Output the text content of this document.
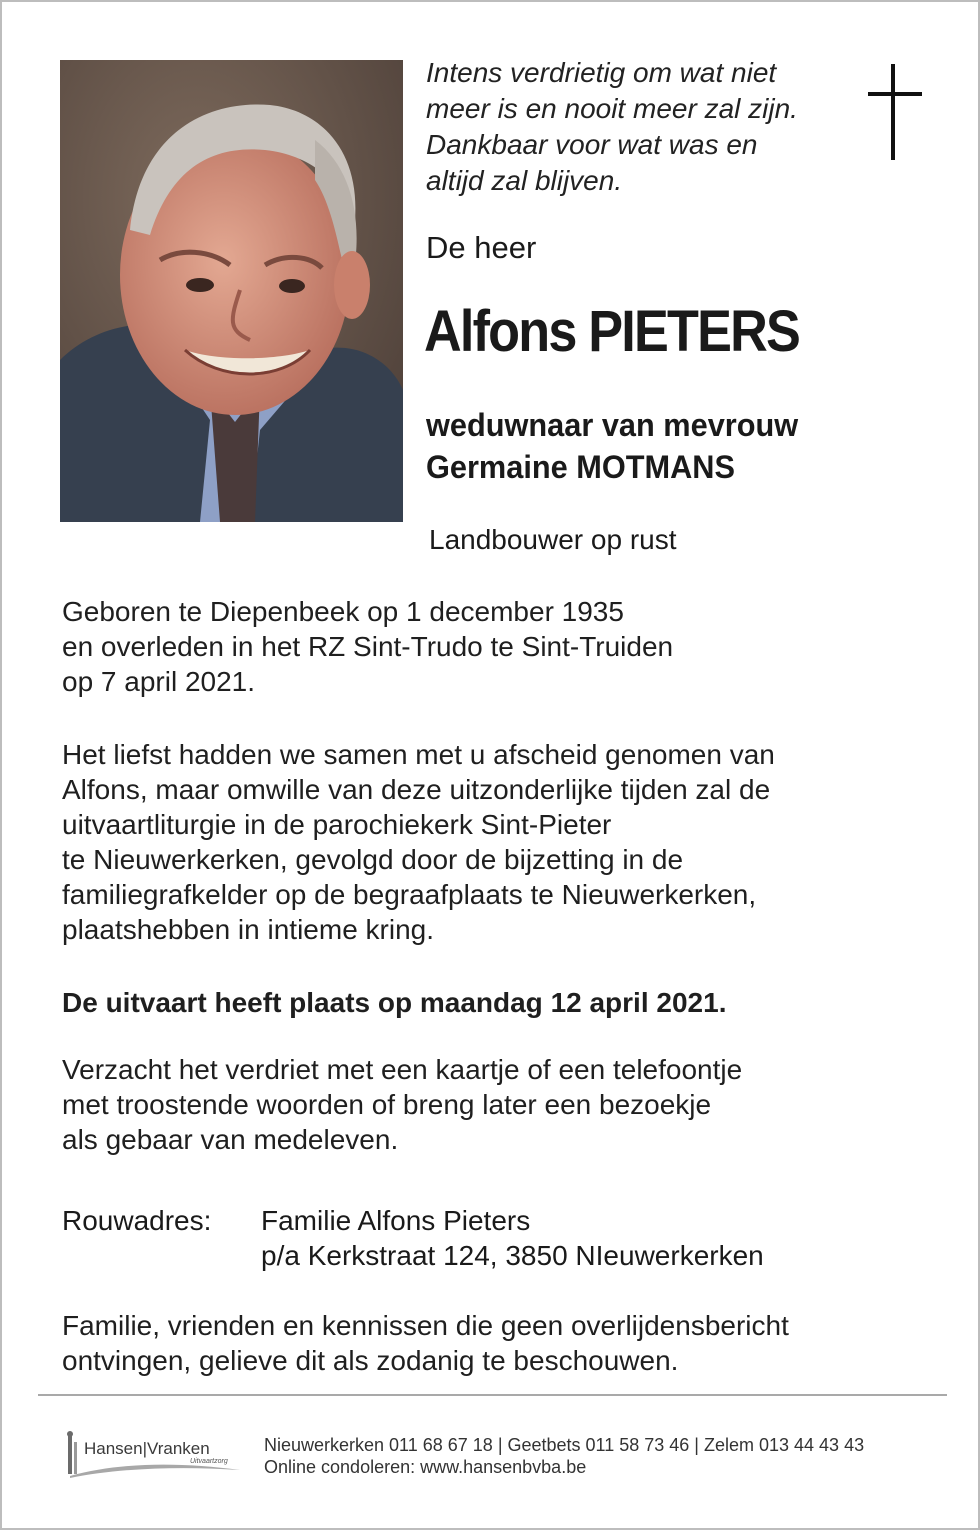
Intens verdrietig om wat niet
meer is en nooit meer zal zijn.
Dankbaar voor wat was en
altijd zal blijven.
De heer
Alfons PIETERS
weduwnaar van mevrouw
Germaine MOTMANS
Landbouwer op rust
Geboren te Diepenbeek op 1 december 1935
en overleden in het RZ Sint-Trudo te Sint-Truiden
op 7 april 2021.
Het liefst hadden we samen met u afscheid genomen van
Alfons, maar omwille van deze uitzonderlijke tijden zal de
uitvaartliturgie in de parochiekerk Sint-Pieter
te Nieuwerkerken, gevolgd door de bijzetting in de
familiegrafkelder op de begraafplaats te Nieuwerkerken,
plaatshebben in intieme kring.
De uitvaart heeft plaats op maandag 12 april 2021.
Verzacht het verdriet met een kaartje of een telefoontje
met troostende woorden of breng later een bezoekje
als gebaar van medeleven.
Rouwadres: Familie Alfons Pieters
p/a Kerkstraat 124, 3850 NIeuwerkerken
Familie, vrienden en kennissen die geen overlijdensbericht
ontvingen, gelieve dit als zodanig te beschouwen.
Hansen|Vranken
Uitvaartzorg
Nieuwerkerken 011 68 67 18 | Geetbets 011 58 73 46 | Zelem 013 44 43 43
Online condoleren: www.hansenbvba.be
